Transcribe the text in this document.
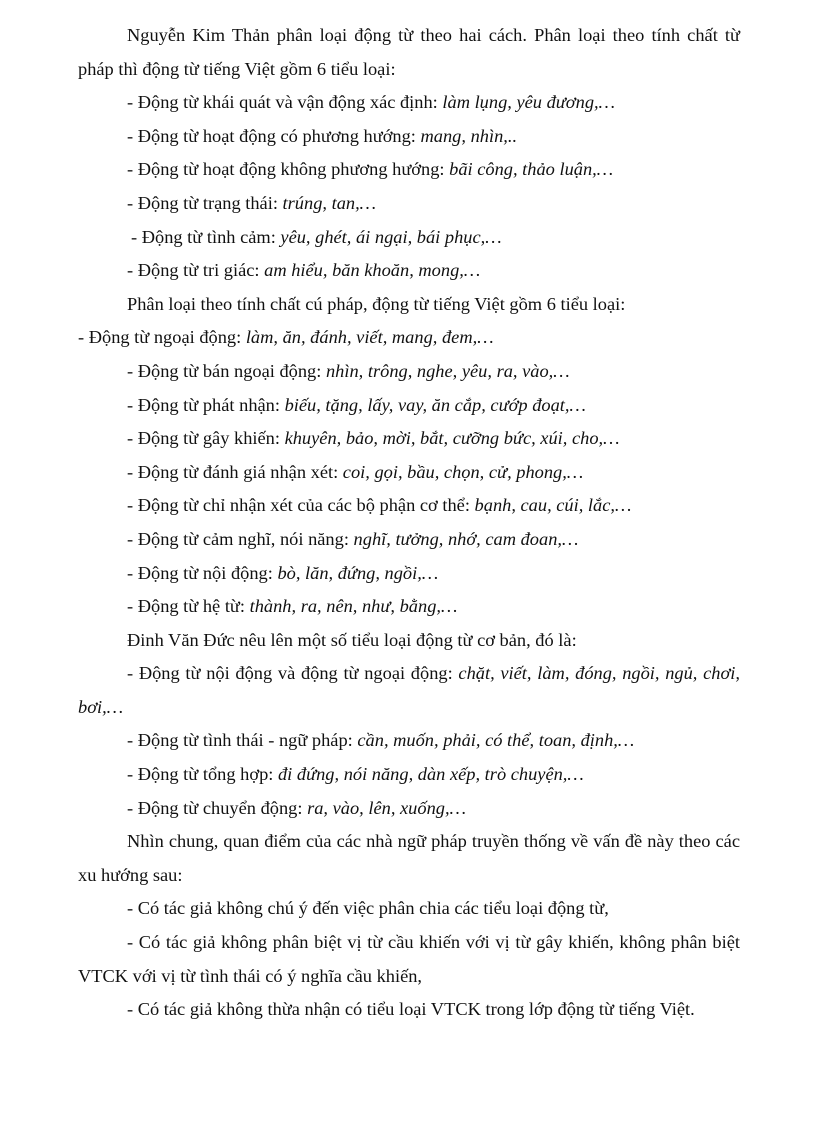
Nguyễn Kim Thản phân loại động từ theo hai cách. Phân loại theo tính chất từ pháp thì động từ tiếng Việt gồm 6 tiểu loại:

- Động từ khái quát và vận động xác định: làm lụng, yêu đương,…

- Động từ hoạt động có phương hướng: mang, nhìn,..

- Động từ hoạt động không phương hướng: bãi công, thảo luận,…

- Động từ trạng thái: trúng, tan,…

- Động từ tình cảm: yêu, ghét, ái ngại, bái phục,…

- Động từ tri giác: am hiểu, băn khoăn, mong,…

Phân loại theo tính chất cú pháp, động từ tiếng Việt gồm 6 tiểu loại:

- Động từ ngoại động: làm, ăn, đánh, viết, mang, đem,…

- Động từ bán ngoại động: nhìn, trông, nghe, yêu, ra, vào,…

- Động từ phát nhận: biếu, tặng, lấy, vay, ăn cắp, cướp đoạt,…

- Động từ gây khiến: khuyên, bảo, mời, bắt, cưỡng bức, xúi, cho,…

- Động từ đánh giá nhận xét: coi, gọi, bầu, chọn, cử, phong,…

- Động từ chỉ nhận xét của các bộ phận cơ thể: bạnh, cau, cúi, lắc,…

- Động từ cảm nghĩ, nói năng: nghĩ, tưởng, nhớ, cam đoan,…

- Động từ nội động: bò, lăn, đứng, ngồi,…

- Động từ hệ từ: thành, ra, nên, như, bằng,…

Đinh Văn Đức nêu lên một số tiểu loại động từ cơ bản, đó là:

- Động từ nội động và động từ ngoại động: chặt, viết, làm, đóng, ngồi, ngủ, chơi, bơi,…

- Động từ tình thái - ngữ pháp: cần, muốn, phải, có thể, toan, định,…

- Động từ tổng hợp: đi đứng, nói năng, dàn xếp, trò chuyện,…

- Động từ chuyển động: ra, vào, lên, xuống,…

Nhìn chung, quan điểm của các nhà ngữ pháp truyền thống về vấn đề này theo các xu hướng sau:

- Có tác giả không chú ý đến việc phân chia các tiểu loại động từ,

- Có tác giả không phân biệt vị từ cầu khiến với vị từ gây khiến, không phân biệt VTCK với vị từ tình thái có ý nghĩa cầu khiến,

- Có tác giả không thừa nhận có tiểu loại VTCK trong lớp động từ tiếng Việt.
